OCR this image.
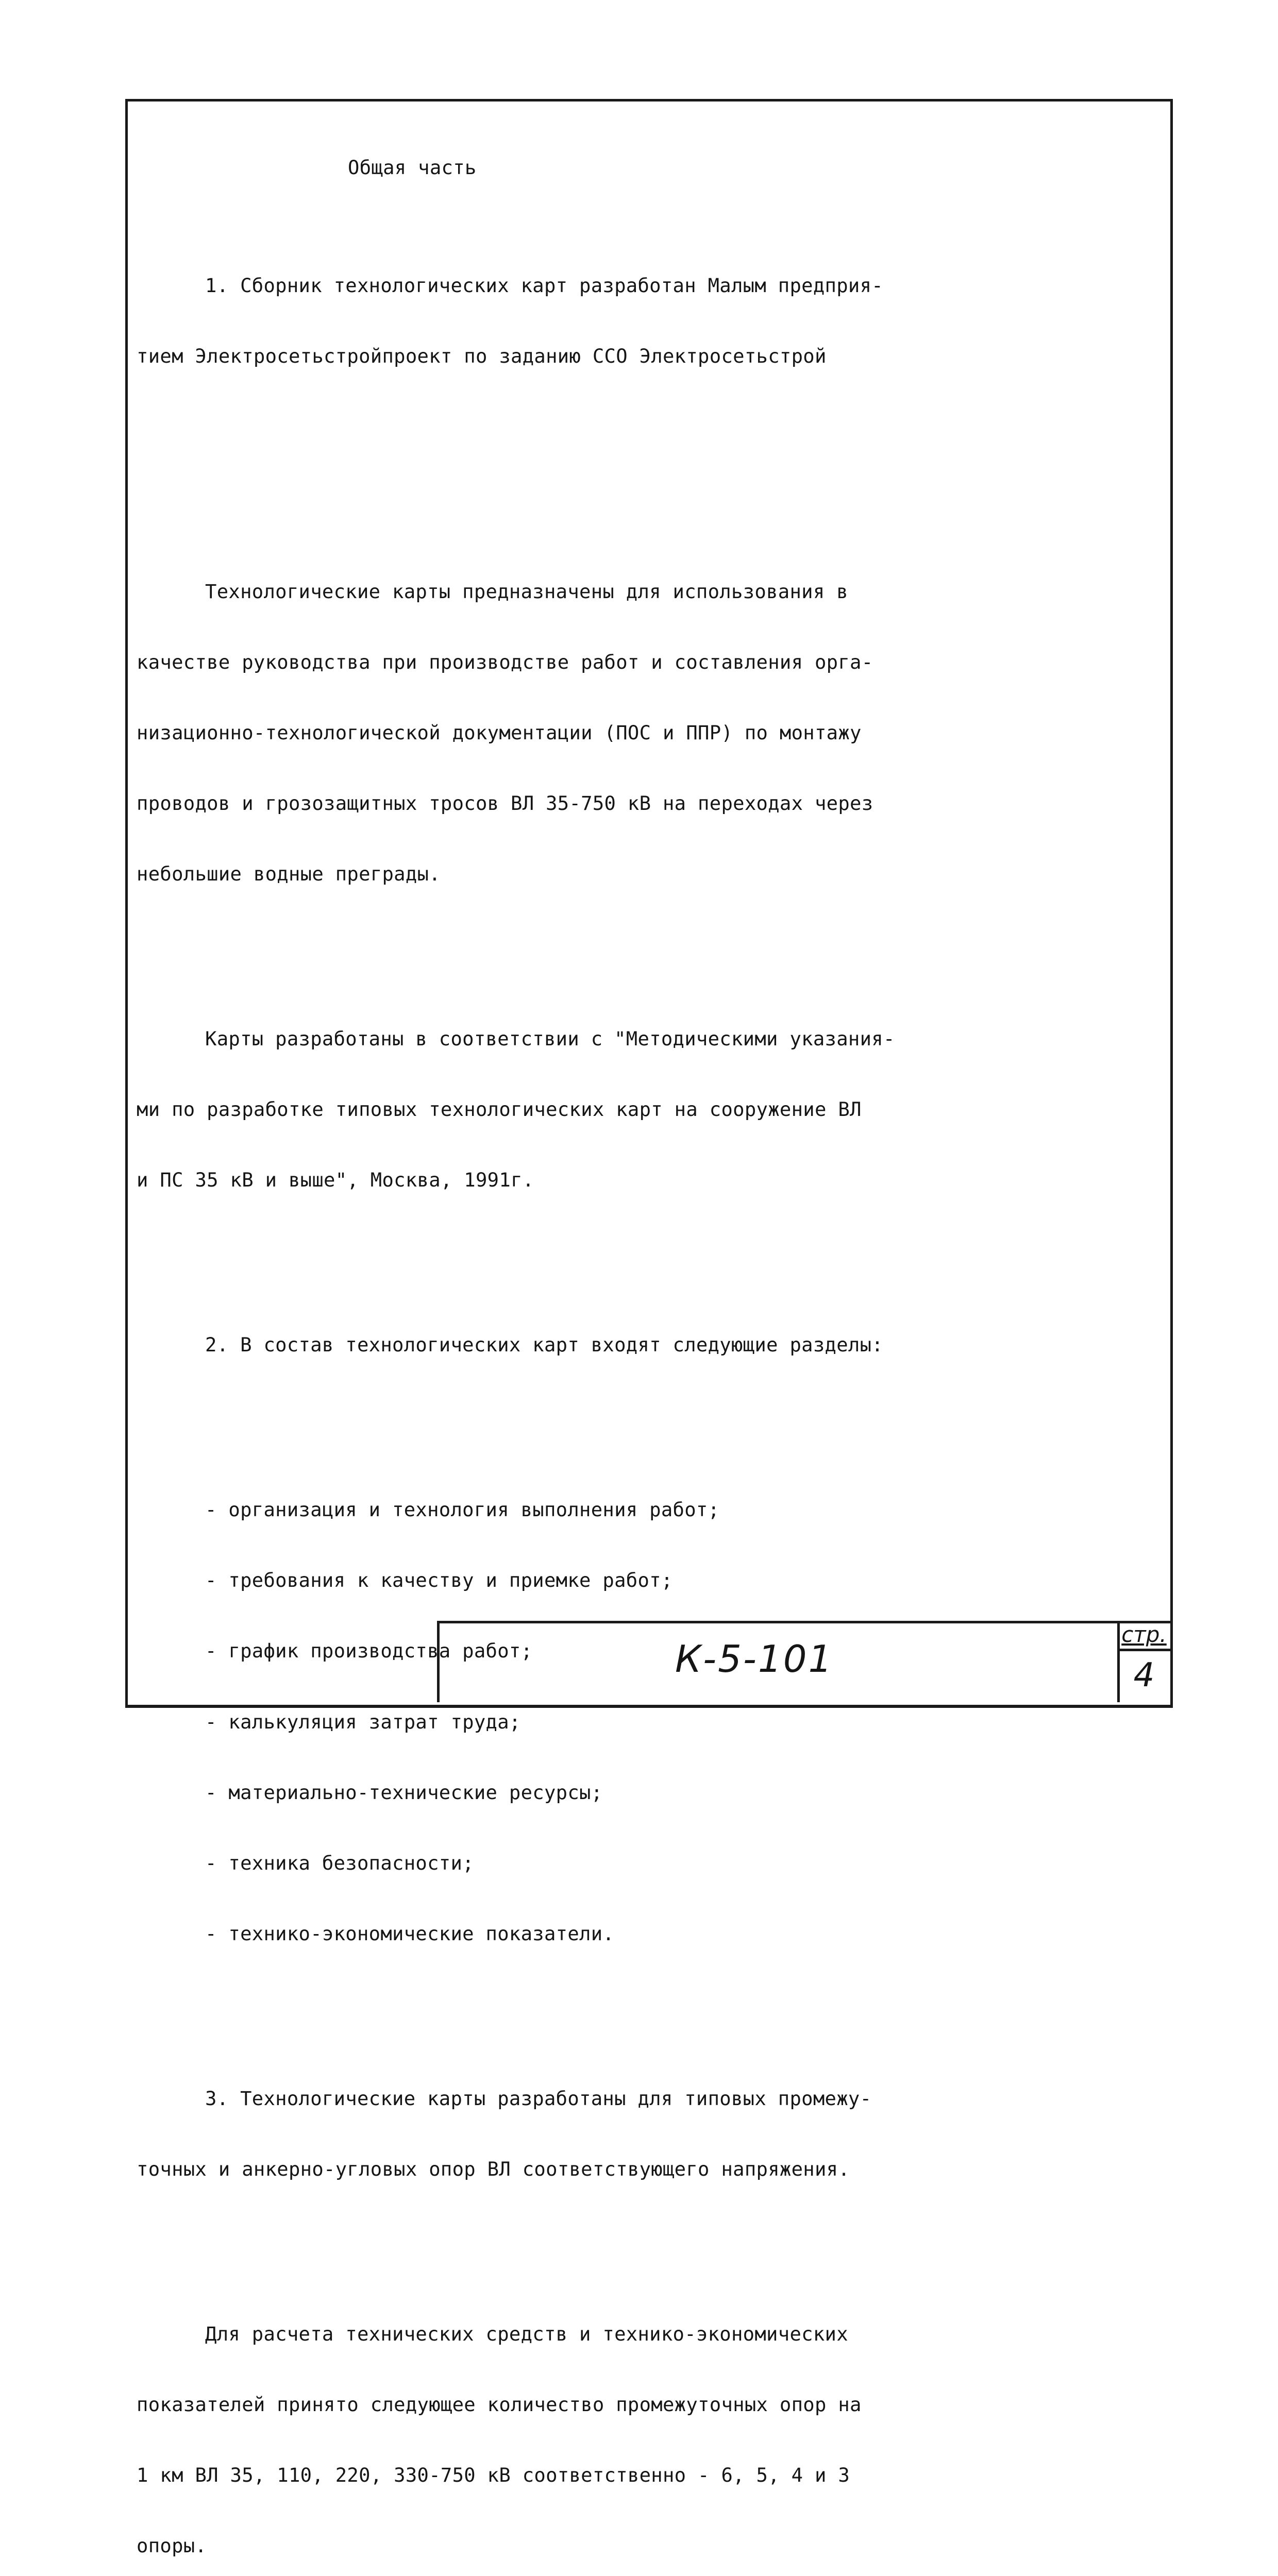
Общая часть

1. Сборник технологических карт разработан Малым предприя-

тием Электросетьстройпроект по заданию ССО Электросетьстрой

Технологические карты предназначены для использования в

качестве руководства при производстве работ и составления орга-

низационно-технологической документации (ПОС и ППР) по монтажу

проводов и грозозащитных тросов ВЛ 35-750 кВ на переходах через

небольшие водные преграды.

Карты разработаны в соответствии с "Методическими указания-

ми по разработке типовых технологических карт на сооружение ВЛ

и ПС 35 кВ и выше", Москва, 1991г.

2. В состав технологических карт входят следующие разделы:

- организация и технология выполнения работ;

- требования к качеству и приемке работ;

- график производства работ;

- калькуляция затрат труда;

- материально-технические ресурсы;

- техника безопасности;

- технико-экономические показатели.

3. Технологические карты разработаны для типовых промежу-

точных и анкерно-угловых опор ВЛ соответствующего напряжения.

Для расчета технических средств и технико-экономических

показателей принято следующее количество промежуточных опор на

1 км ВЛ 35, 110, 220, 330-750 кВ соответственно - 6, 5, 4 и 3

опоры.

К-5-101
стр.
4
